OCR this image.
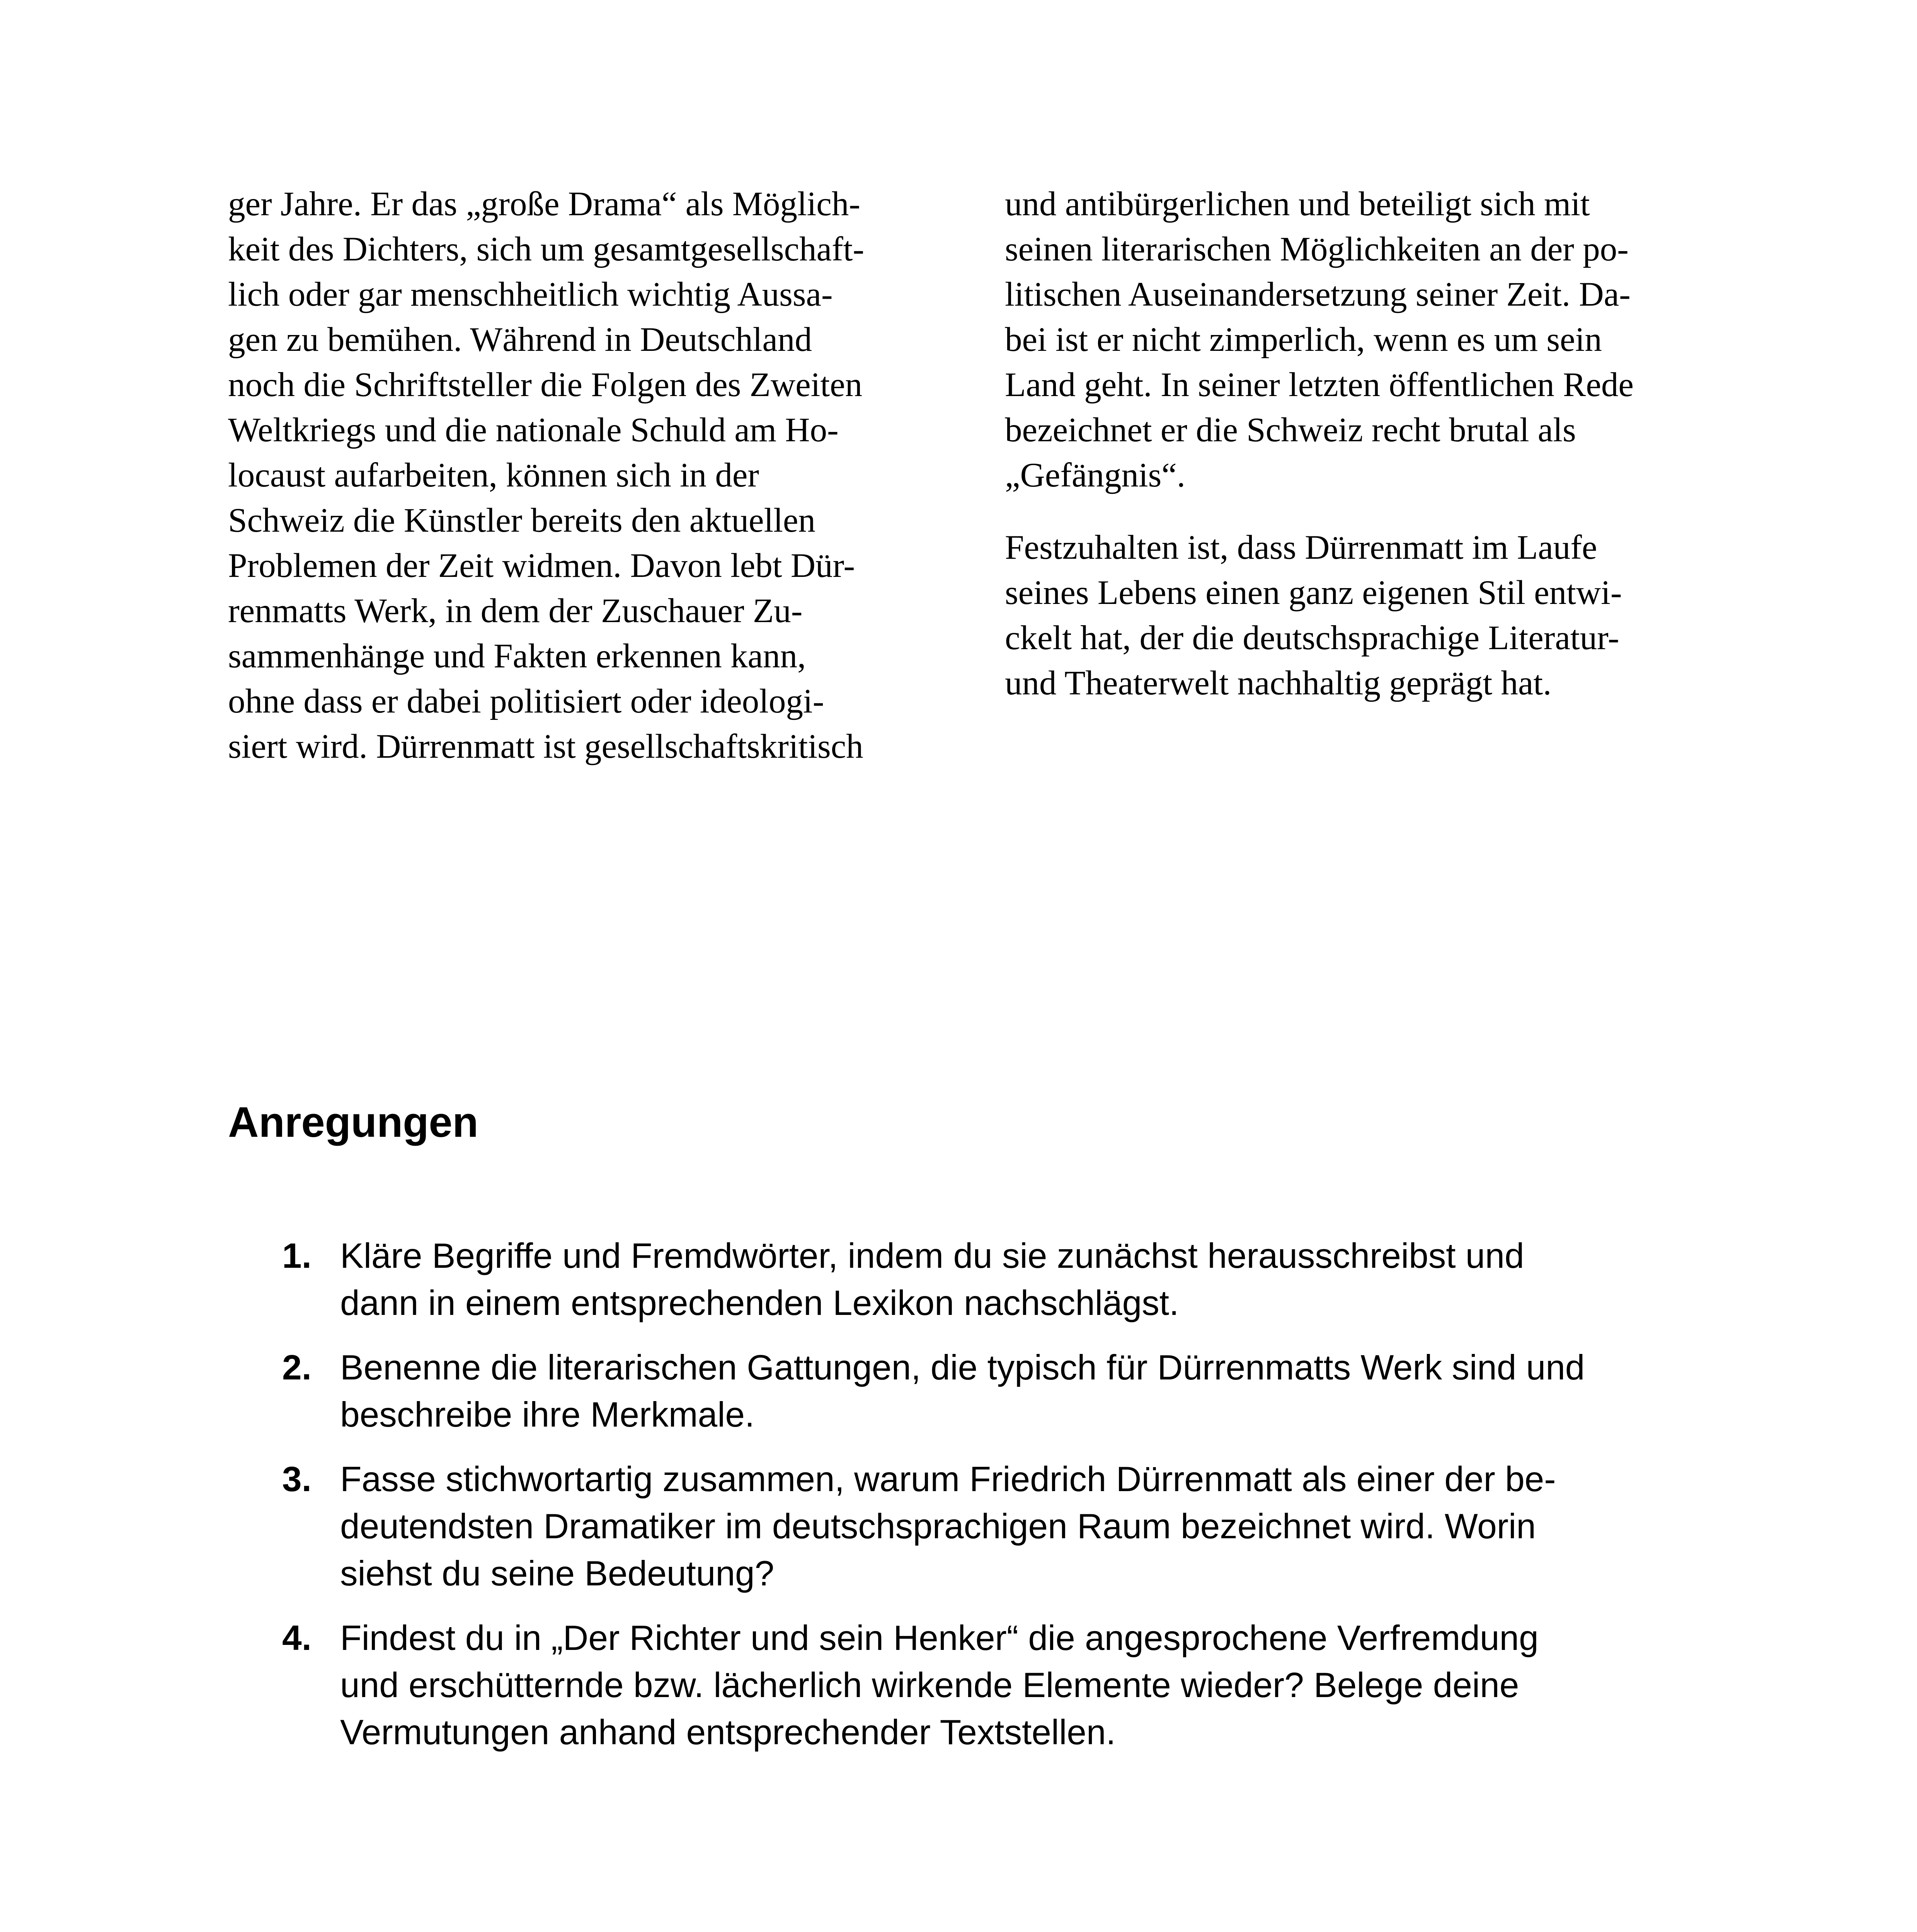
ger Jahre. Er das „große Drama“ als Möglich-
keit des Dichters, sich um gesamtgesellschaft-
lich oder gar menschheitlich wichtig Aussa-
gen zu bemühen. Während in Deutschland
noch die Schriftsteller die Folgen des Zweiten
Weltkriegs und die nationale Schuld am Ho-
locaust aufarbeiten, können sich in der
Schweiz die Künstler bereits den aktuellen
Problemen der Zeit widmen. Davon lebt Dür-
renmatts Werk, in dem der Zuschauer Zu-
sammenhänge und Fakten erkennen kann,
ohne dass er dabei politisiert oder ideologi-
siert wird. Dürrenmatt ist gesellschaftskritisch

und antibürgerlichen und beteiligt sich mit
seinen literarischen Möglichkeiten an der po-
litischen Auseinandersetzung seiner Zeit. Da-
bei ist er nicht zimperlich, wenn es um sein
Land geht. In seiner letzten öffentlichen Rede
bezeichnet er die Schweiz recht brutal als
„Gefängnis“.

Festzuhalten ist, dass Dürrenmatt im Laufe
seines Lebens einen ganz eigenen Stil entwi-
ckelt hat, der die deutschsprachige Literatur-
und Theaterwelt nachhaltig geprägt hat.

Anregungen
1. Kläre Begriffe und Fremdwörter, indem du sie zunächst herausschreibst und
dann in einem entsprechenden Lexikon nachschlägst.
2. Benenne die literarischen Gattungen, die typisch für Dürrenmatts Werk sind und
beschreibe ihre Merkmale.
3. Fasse stichwortartig zusammen, warum Friedrich Dürrenmatt als einer der be-
deutendsten Dramatiker im deutschsprachigen Raum bezeichnet wird. Worin
siehst du seine Bedeutung?
4. Findest du in „Der Richter und sein Henker“ die angesprochene Verfremdung
und erschütternde bzw. lächerlich wirkende Elemente wieder? Belege deine
Vermutungen anhand entsprechender Textstellen.
